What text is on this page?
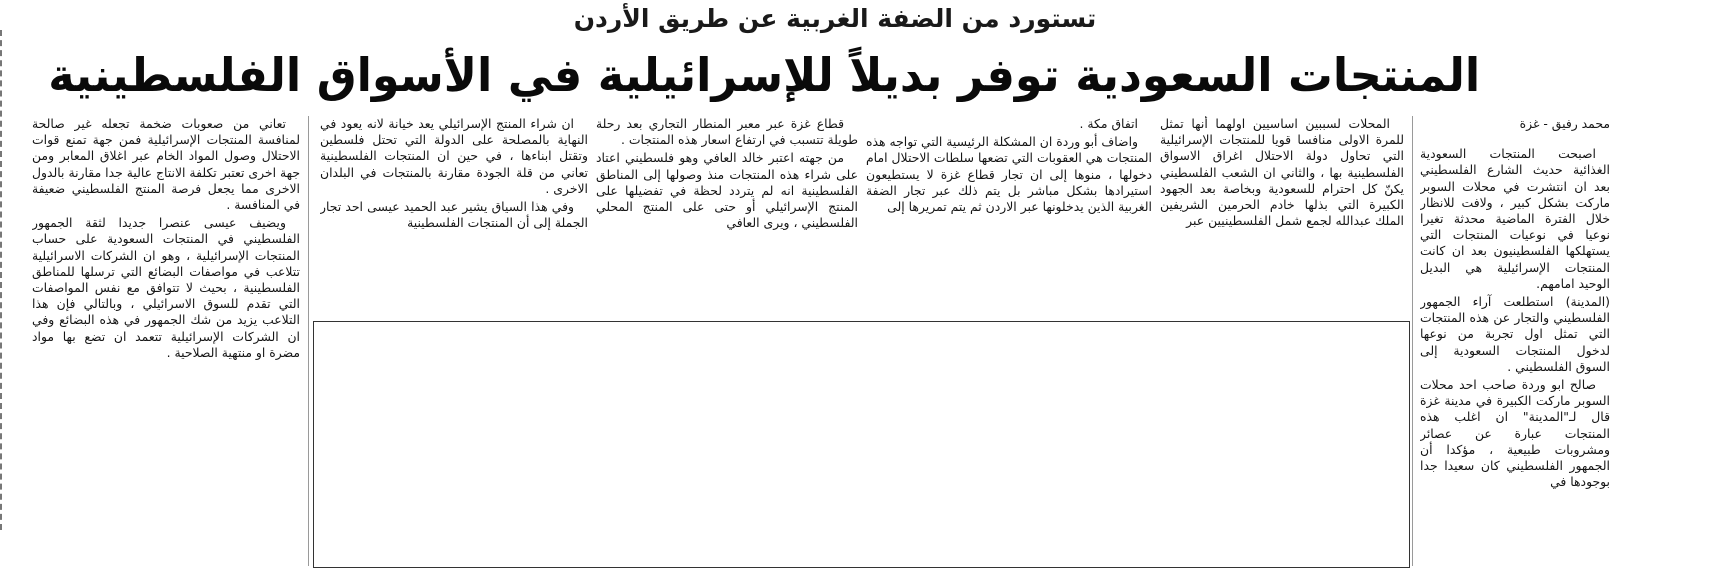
تستورد من الضفة الغربية عن طريق الأردن
المنتجات السعودية توفر بديلاً للإسرائيلية في الأسواق الفلسطينية

محمد رفيق - غزة

اصبحت المنتجات السعودية الغذائية حديث الشارع الفلسطيني بعد ان انتشرت في محلات السوبر ماركت بشكل كبير ، ولافت للانظار خلال الفترة الماضية محدثة تغيرا نوعيا في نوعيات المنتجات التي يستهلكها الفلسطينيون بعد ان كانت المنتجات الإسرائيلية هي البديل الوحيد امامهم.

(المدينة) استطلعت آراء الجمهور الفلسطيني والتجار عن هذه المنتجات التي تمثل اول تجربة من نوعها لدخول المنتجات السعودية إلى السوق الفلسطيني .

صالح ابو وردة صاحب احد محلات السوبر ماركت الكبيرة في مدينة غزة قال لـ"المدينة" ان اغلب هذه المنتجات عبارة عن عصائر ومشروبات طبيعية ، مؤكدا أن الجمهور الفلسطيني كان سعيدا جدا بوجودها في

المحلات لسببين اساسيين اولهما أنها تمثل للمرة الاولى منافسا قويا للمنتجات الإسرائيلية التي تحاول دولة الاحتلال اغراق الاسواق الفلسطينية بها ، والثاني ان الشعب الفلسطيني يكنّ كل احترام للسعودية وبخاصة بعد الجهود الكبيرة التي بذلها خادم الحرمين الشريفين الملك عبدالله لجمع شمل الفلسطينيين عبر

اتفاق مكة .

واضاف أبو وردة ان المشكلة الرئيسية التي تواجه هذه المنتجات هي العقوبات التي تضعها سلطات الاحتلال امام دخولها ، منوها إلى ان تجار قطاع غزة لا يستطيعون استيرادها بشكل مباشر بل يتم ذلك عبر تجار الضفة الغربية الذين يدخلونها عبر الاردن ثم يتم تمريرها إلى

قطاع غزة عبر معبر المنطار التجاري بعد رحلة طويلة تتسبب في ارتفاع اسعار هذه المنتجات .

من جهته اعتبر خالد العافي وهو فلسطيني اعتاد على شراء هذه المنتجات منذ وصولها إلى المناطق الفلسطينية انه لم يتردد لحظة في تفضيلها على المنتج الإسرائيلي أو حتى على المنتج المحلي الفلسطيني ، ويرى العافي

ان شراء المنتج الإسرائيلي يعد خيانة لانه يعود في النهاية بالمصلحة على الدولة التي تحتل فلسطين وتقتل ابناءها ، في حين ان المنتجات الفلسطينية تعاني من قلة الجودة مقارنة بالمنتجات في البلدان الاخرى .

وفي هذا السياق يشير عبد الحميد عيسى احد تجار الجملة إلى أن المنتجات الفلسطينية

تعاني من صعوبات ضخمة تجعله غير صالحة لمنافسة المنتجات الإسرائيلية فمن جهة تمنع قوات الاحتلال وصول المواد الخام عبر اغلاق المعابر ومن جهة اخرى تعتبر تكلفة الانتاج عالية جدا مقارنة بالدول الاخرى مما يجعل فرصة المنتج الفلسطيني ضعيفة في المنافسة .

ويضيف عيسى عنصرا جديدا لثقة الجمهور الفلسطيني في المنتجات السعودية على حساب المنتجات الإسرائيلية ، وهو ان الشركات الاسرائيلية تتلاعب في مواصفات البضائع التي ترسلها للمناطق الفلسطينية ، بحيث لا تتوافق مع نفس المواصفات التي تقدم للسوق الاسرائيلي ، وبالتالي فإن هذا التلاعب يزيد من شك الجمهور في هذه البضائع وفي ان الشركات الإسرائيلية تتعمد ان تضع بها مواد مضرة او منتهية الصلاحية .
